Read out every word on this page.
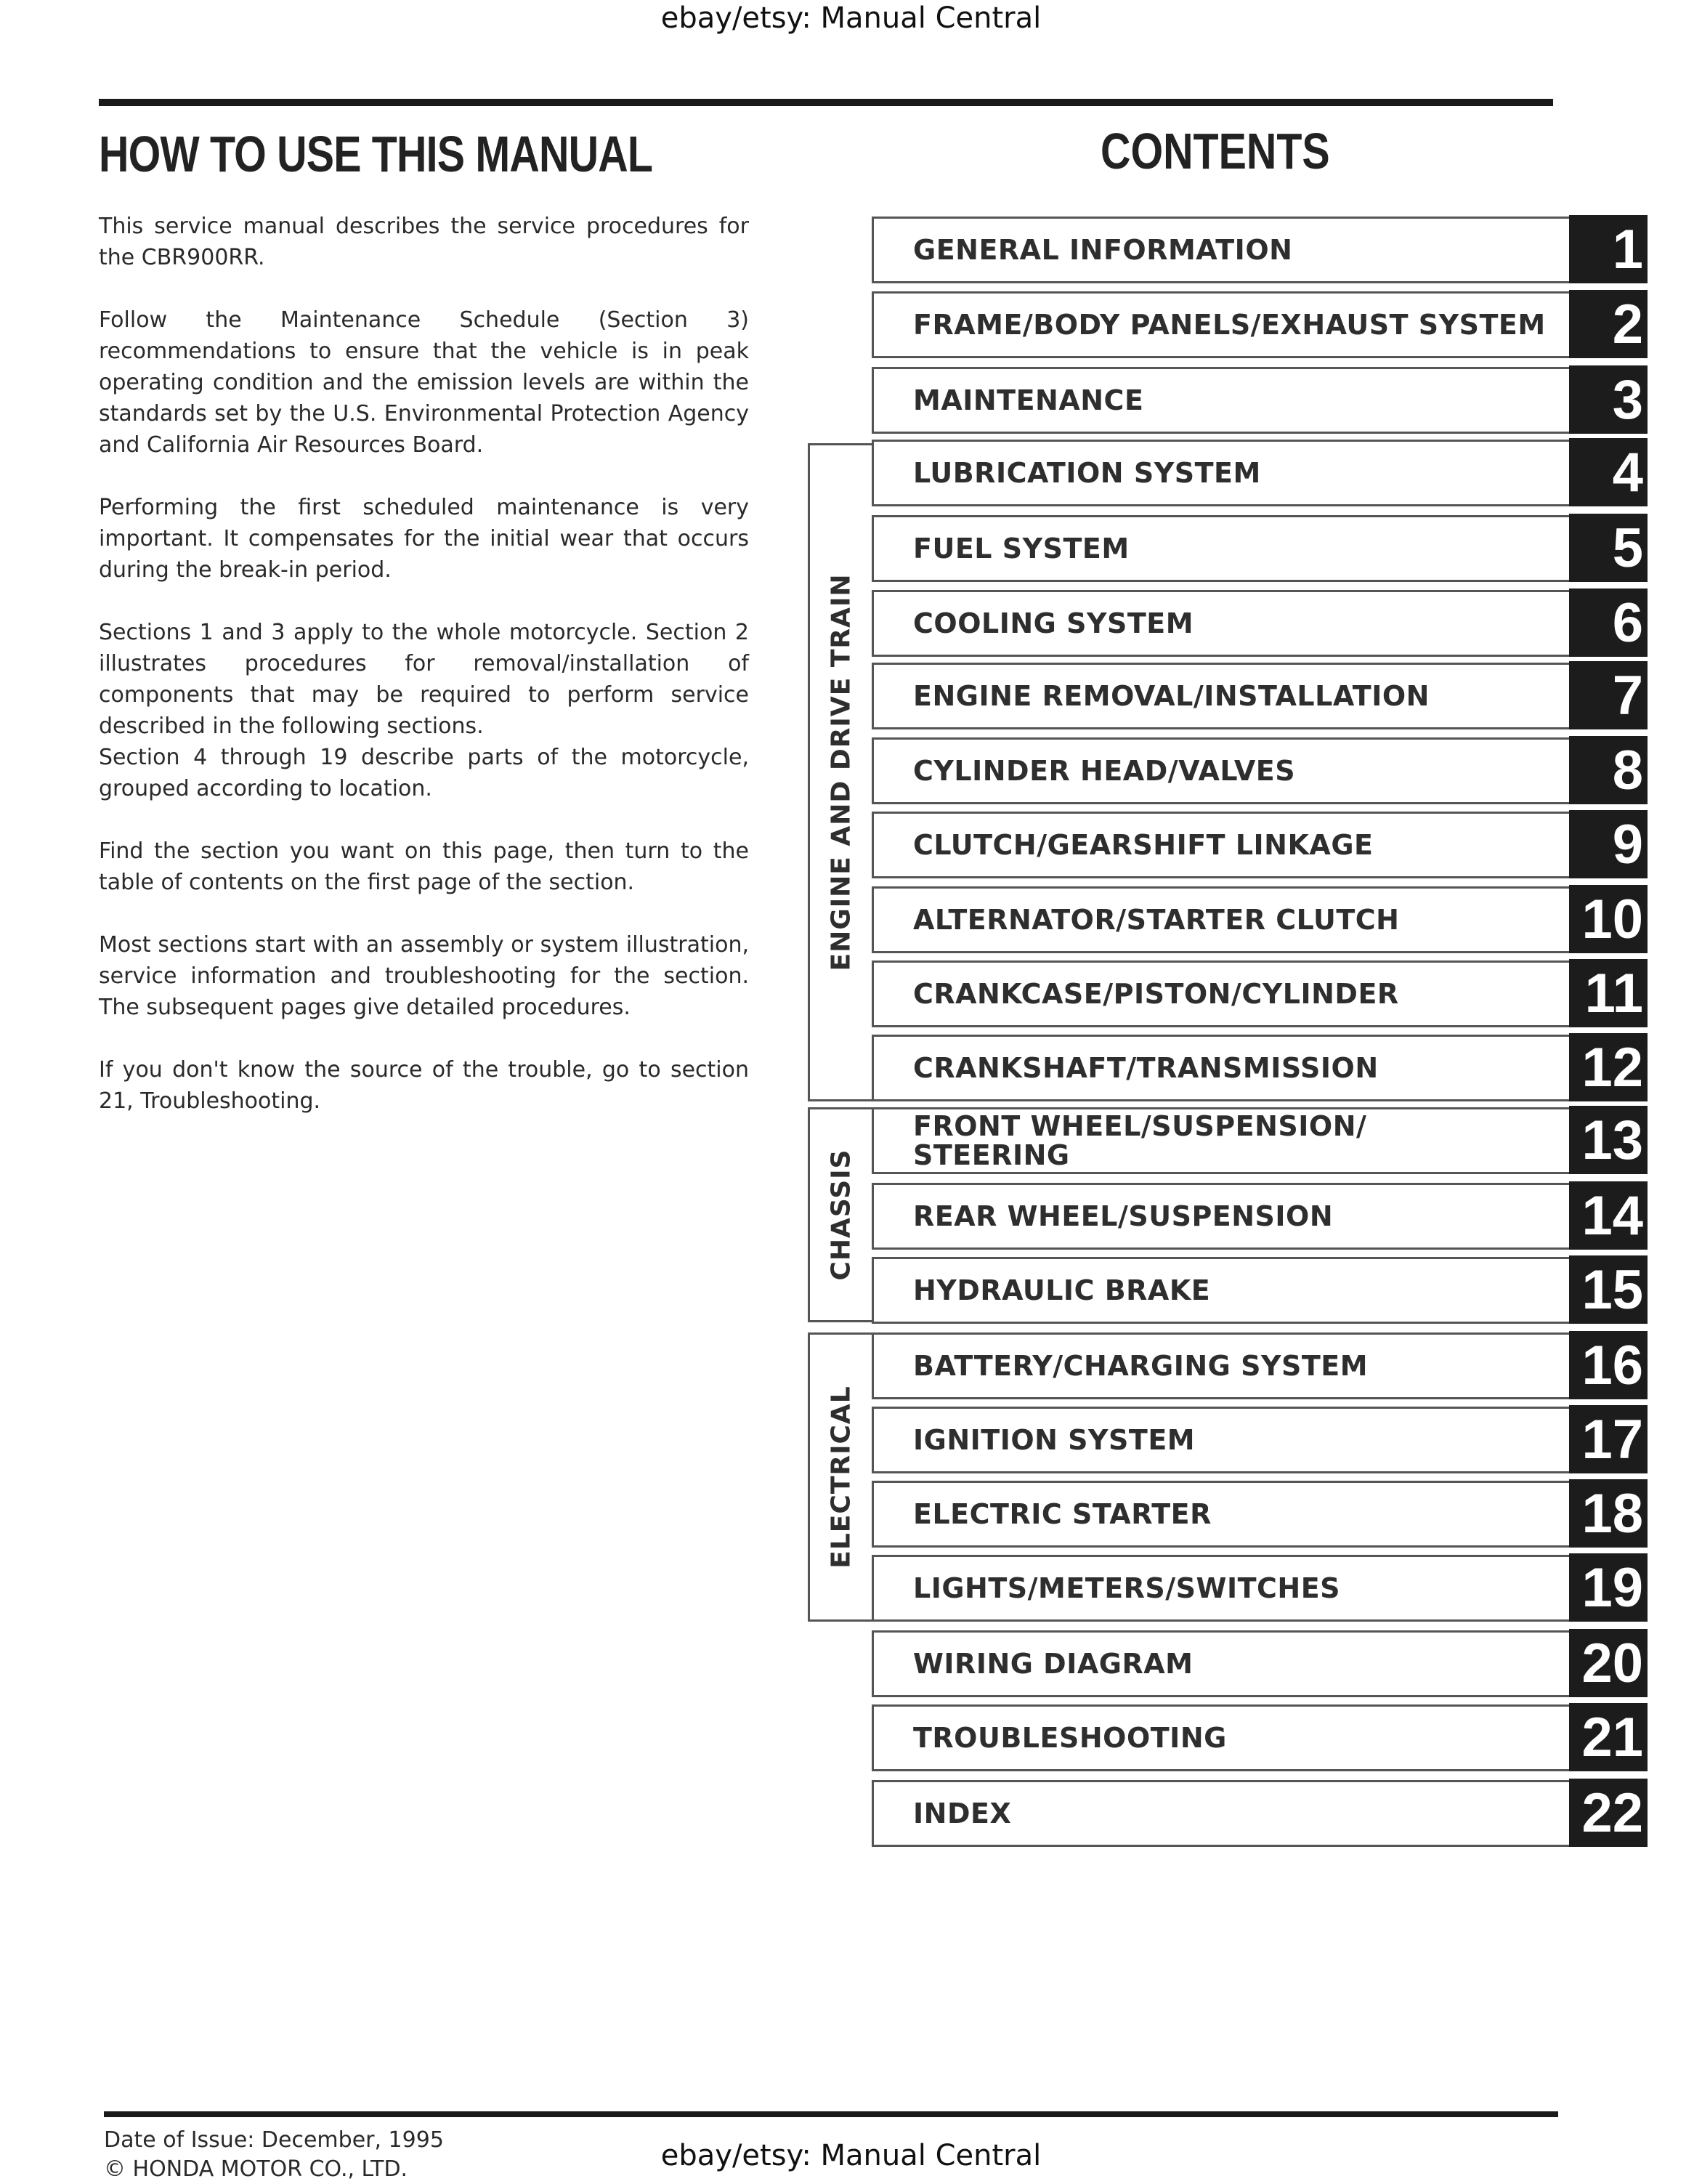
ebay/etsy: Manual Central
HOW TO USE THIS MANUAL	CONTENTS

This service manual describes the service procedures for the CBR900RR.

Follow the Maintenance Schedule (Section 3) recommendations to ensure that the vehicle is in peak operating condition and the emission levels are within the standards set by the U.S. Environmental Protection Agency and California Air Resources Board.

Performing the first scheduled maintenance is very important. It compensates for the initial wear that occurs during the break-in period.

Sections 1 and 3 apply to the whole motorcycle. Section 2 illustrates procedures for removal/installation of components that may be required to perform service described in the following sections.

Section 4 through 19 describe parts of the motorcycle, grouped according to location.

Find the section you want on this page, then turn to the table of contents on the first page of the section.

Most sections start with an assembly or system illustration, service information and troubleshooting for the section. The subsequent pages give detailed procedures.

If you don't know the source of the trouble, go to section 21, Troubleshooting.

ENGINE AND DRIVE TRAIN
CHASSIS
ELECTRICAL
GENERAL INFORMATION	1
FRAME/BODY PANELS/EXHAUST SYSTEM	2
MAINTENANCE	3
LUBRICATION SYSTEM	4
FUEL SYSTEM	5
COOLING SYSTEM	6
ENGINE REMOVAL/INSTALLATION	7
CYLINDER HEAD/VALVES	8
CLUTCH/GEARSHIFT LINKAGE	9
ALTERNATOR/STARTER CLUTCH	10
CRANKCASE/PISTON/CYLINDER	11
CRANKSHAFT/TRANSMISSION	12
FRONT WHEEL/SUSPENSION/ STEERING	13
REAR WHEEL/SUSPENSION	14
HYDRAULIC BRAKE	15
BATTERY/CHARGING SYSTEM	16
IGNITION SYSTEM	17
ELECTRIC STARTER	18
LIGHTS/METERS/SWITCHES	19
WIRING DIAGRAM	20
TROUBLESHOOTING	21
INDEX	22
Date of Issue: December, 1995
© HONDA MOTOR CO., LTD.	ebay/etsy: Manual Central
